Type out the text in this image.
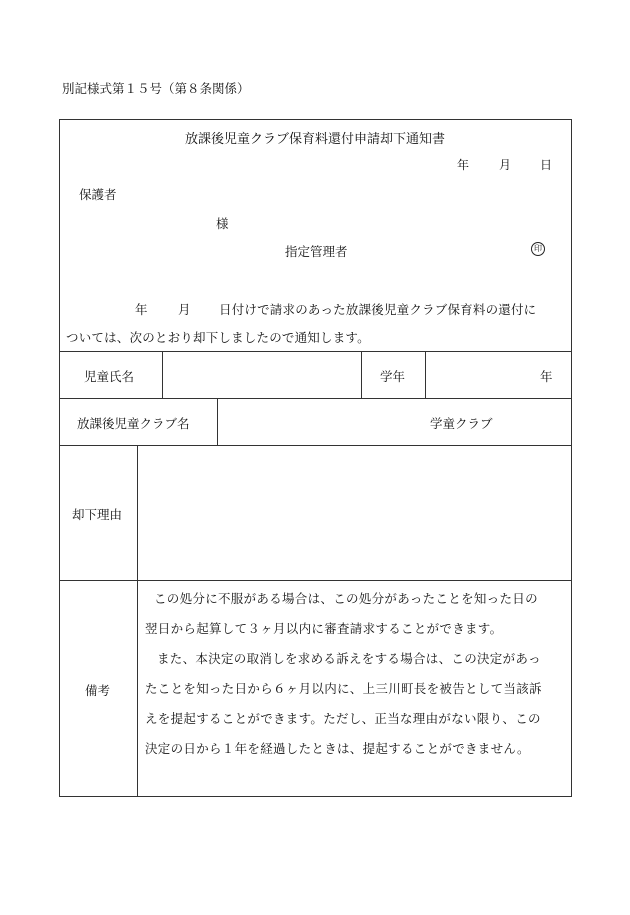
別記様式第１５号（第８条関係）
放課後児童クラブ保育料還付申請却下通知書
年 月 日
保護者
様
指定管理者	印
年 月 日付けで請求のあった放課後児童クラブ保育料の還付に
ついては、次のとおり却下しましたので通知します。
児童氏名	学年	年
放課後児童クラブ名	学童クラブ
却下理由
備考
この処分に不服がある場合は、この処分があったことを知った日の
翌日から起算して３ヶ月以内に審査請求することができます。
また、本決定の取消しを求める訴えをする場合は、この決定があっ
たことを知った日から６ヶ月以内に、上三川町長を被告として当該訴
えを提起することができます。ただし、正当な理由がない限り、この
決定の日から１年を経過したときは、提起することができません。
